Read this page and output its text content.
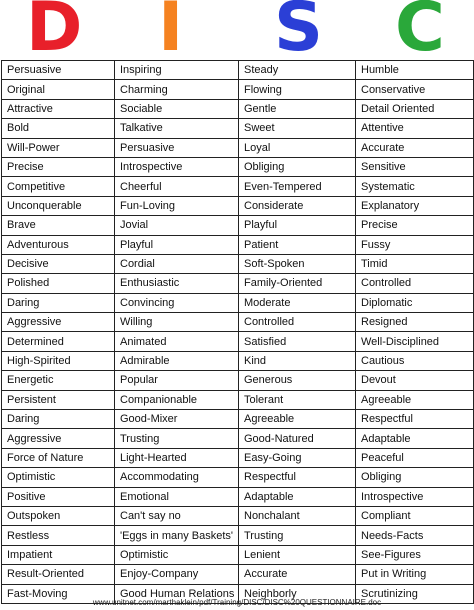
D I S C
Persuasive	Inspiring	Steady	Humble
Original	Charming	Flowing	Conservative
Attractive	Sociable	Gentle	Detail Oriented
Bold	Talkative	Sweet	Attentive
Will-Power	Persuasive	Loyal	Accurate
Precise	Introspective	Obliging	Sensitive
Competitive	Cheerful	Even-Tempered	Systematic
Unconquerable	Fun-Loving	Considerate	Explanatory
Brave	Jovial	Playful	Precise
Adventurous	Playful	Patient	Fussy
Decisive	Cordial	Soft-Spoken	Timid
Polished	Enthusiastic	Family-Oriented	Controlled
Daring	Convincing	Moderate	Diplomatic
Aggressive	Willing	Controlled	Resigned
Determined	Animated	Satisfied	Well-Disciplined
High-Spirited	Admirable	Kind	Cautious
Energetic	Popular	Generous	Devout
Persistent	Companionable	Tolerant	Agreeable
Daring	Good-Mixer	Agreeable	Respectful
Aggressive	Trusting	Good-Natured	Adaptable
Force of Nature	Light-Hearted	Easy-Going	Peaceful
Optimistic	Accommodating	Respectful	Obliging
Positive	Emotional	Adaptable	Introspective
Outspoken	Can't say no	Nonchalant	Compliant
Restless	'Eggs in many Baskets'	Trusting	Needs-Facts
Impatient	Optimistic	Lenient	See-Figures
Result-Oriented	Enjoy-Company	Accurate	Put in Writing
Fast-Moving	Good Human Relations	Neighborly	Scrutinizing
www.unitnet.com/marthaklein/pdf/Training/DISC/DISC%20QUESTIONNAIRE.doc
